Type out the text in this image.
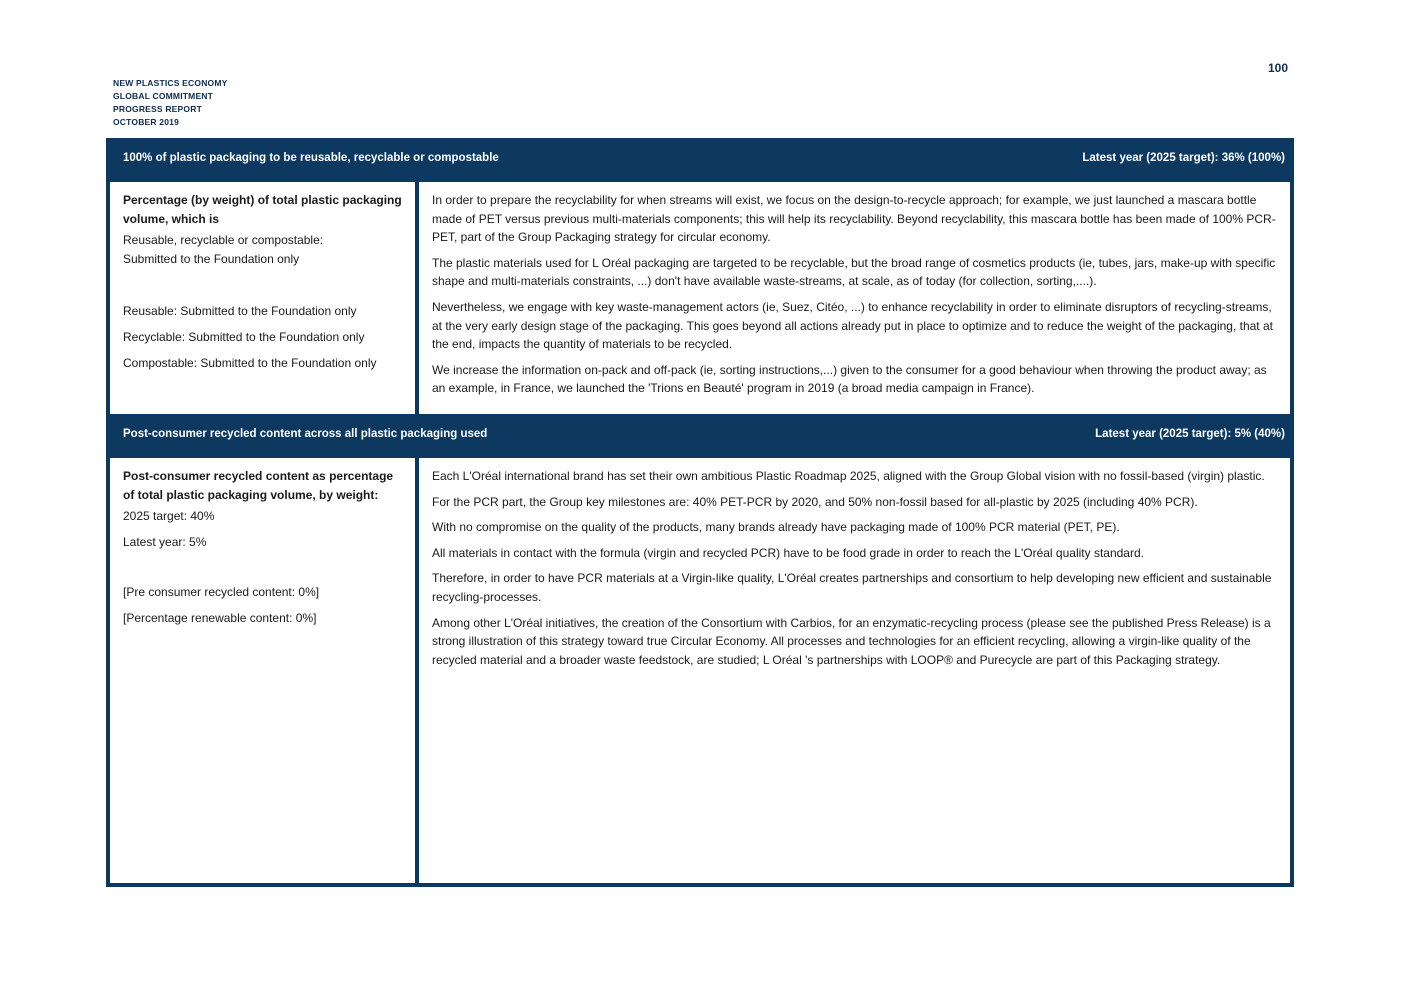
100
NEW PLASTICS ECONOMY
GLOBAL COMMITMENT
PROGRESS REPORT
OCTOBER 2019
100% of plastic packaging to be reusable, recyclable or compostable	Latest year (2025 target): 36% (100%)

Percentage (by weight) of total plastic packaging volume, which is

Reusable, recyclable or compostable:

Submitted to the Foundation only

Reusable: Submitted to the Foundation only

Recyclable: Submitted to the Foundation only

Compostable: Submitted to the Foundation only

In order to prepare the recyclability for when streams will exist, we focus on the design-to-recycle approach; for example, we just launched a mascara bottle made of PET versus previous multi-materials components; this will help its recyclability. Beyond recyclability, this mascara bottle has been made of 100% PCR-PET, part of the Group Packaging strategy for circular economy.

The plastic materials used for L Oréal packaging are targeted to be recyclable, but the broad range of cosmetics products (ie, tubes, jars, make-up with specific shape and multi-materials constraints, ...) don't have available waste-streams, at scale, as of today (for collection, sorting,....).

Nevertheless, we engage with key waste-management actors (ie, Suez, Citéo, ...) to enhance recyclability in order to eliminate disruptors of recycling-streams, at the very early design stage of the packaging. This goes beyond all actions already put in place to optimize and to reduce the weight of the packaging, that at the end, impacts the quantity of materials to be recycled.

We increase the information on-pack and off-pack (ie, sorting instructions,...) given to the consumer for a good behaviour when throwing the product away; as an example, in France, we launched the 'Trions en Beauté' program in 2019 (a broad media campaign in France).

Post-consumer recycled content across all plastic packaging used	Latest year (2025 target): 5% (40%)

Post-consumer recycled content as percentage of total plastic packaging volume, by weight:

2025 target: 40%

Latest year: 5%

[Pre consumer recycled content: 0%]

[Percentage renewable content: 0%]

Each L'Oréal international brand has set their own ambitious Plastic Roadmap 2025, aligned with the Group Global vision with no fossil-based (virgin) plastic.

For the PCR part, the Group key milestones are: 40% PET-PCR by 2020, and 50% non-fossil based for all-plastic by 2025 (including 40% PCR).

With no compromise on the quality of the products, many brands already have packaging made of 100% PCR material (PET, PE).

All materials in contact with the formula (virgin and recycled PCR) have to be food grade in order to reach the L'Oréal quality standard.

Therefore, in order to have PCR materials at a Virgin-like quality, L'Oréal creates partnerships and consortium to help developing new efficient and sustainable recycling-processes.

Among other L'Oréal initiatives, the creation of the Consortium with Carbios, for an enzymatic-recycling process (please see the published Press Release) is a strong illustration of this strategy toward true Circular Economy. All processes and technologies for an efficient recycling, allowing a virgin-like quality of the recycled material and a broader waste feedstock, are studied; L Oréal 's partnerships with LOOP® and Purecycle are part of this Packaging strategy.
